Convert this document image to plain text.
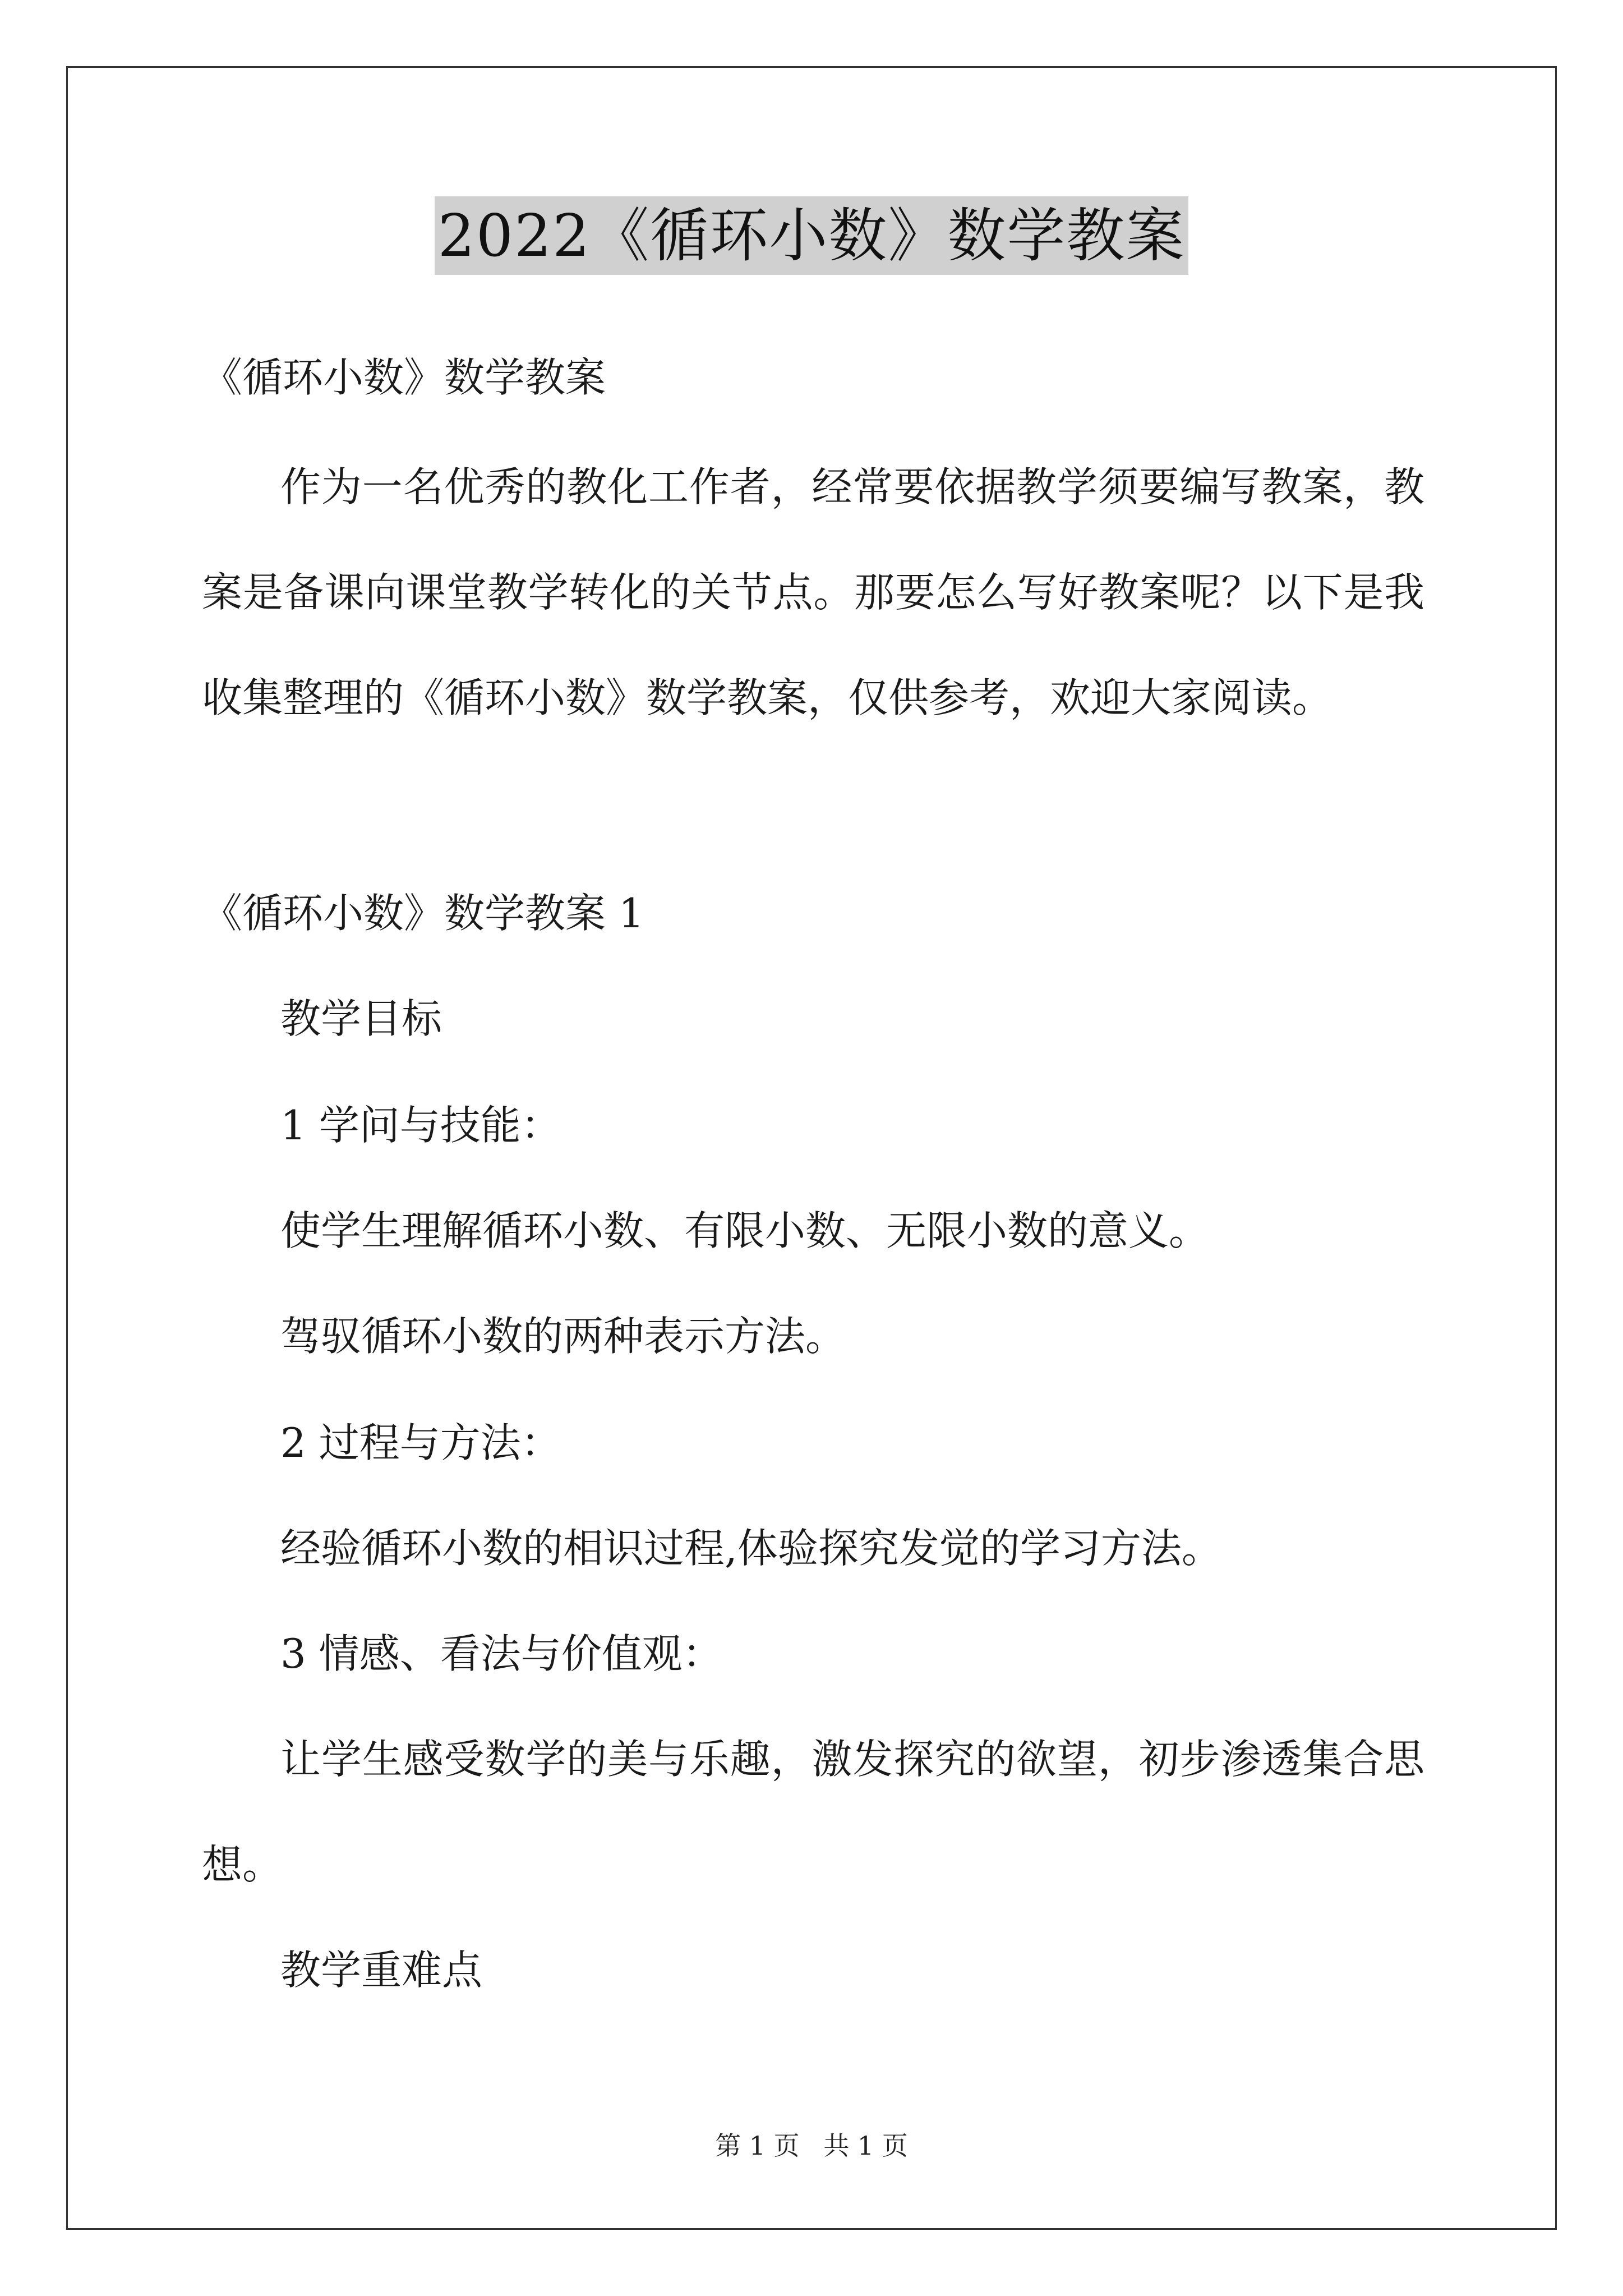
2022《循环小数》数学教案
《循环小数》数学教案
作为一名优秀的教化工作者，经常要依据教学须要编写教案，教
案是备课向课堂教学转化的关节点。那要怎么写好教案呢？以下是我
收集整理的《循环小数》数学教案，仅供参考，欢迎大家阅读。
《循环小数》数学教案 1
教学目标
1 学问与技能：
使学生理解循环小数、有限小数、无限小数的意义。
驾驭循环小数的两种表示方法。
2 过程与方法：
经验循环小数的相识过程,体验探究发觉的学习方法。
3 情感、看法与价值观：
让学生感受数学的美与乐趣，激发探究的欲望，初步渗透集合思
想。
教学重难点
第 1 页 共 1 页
